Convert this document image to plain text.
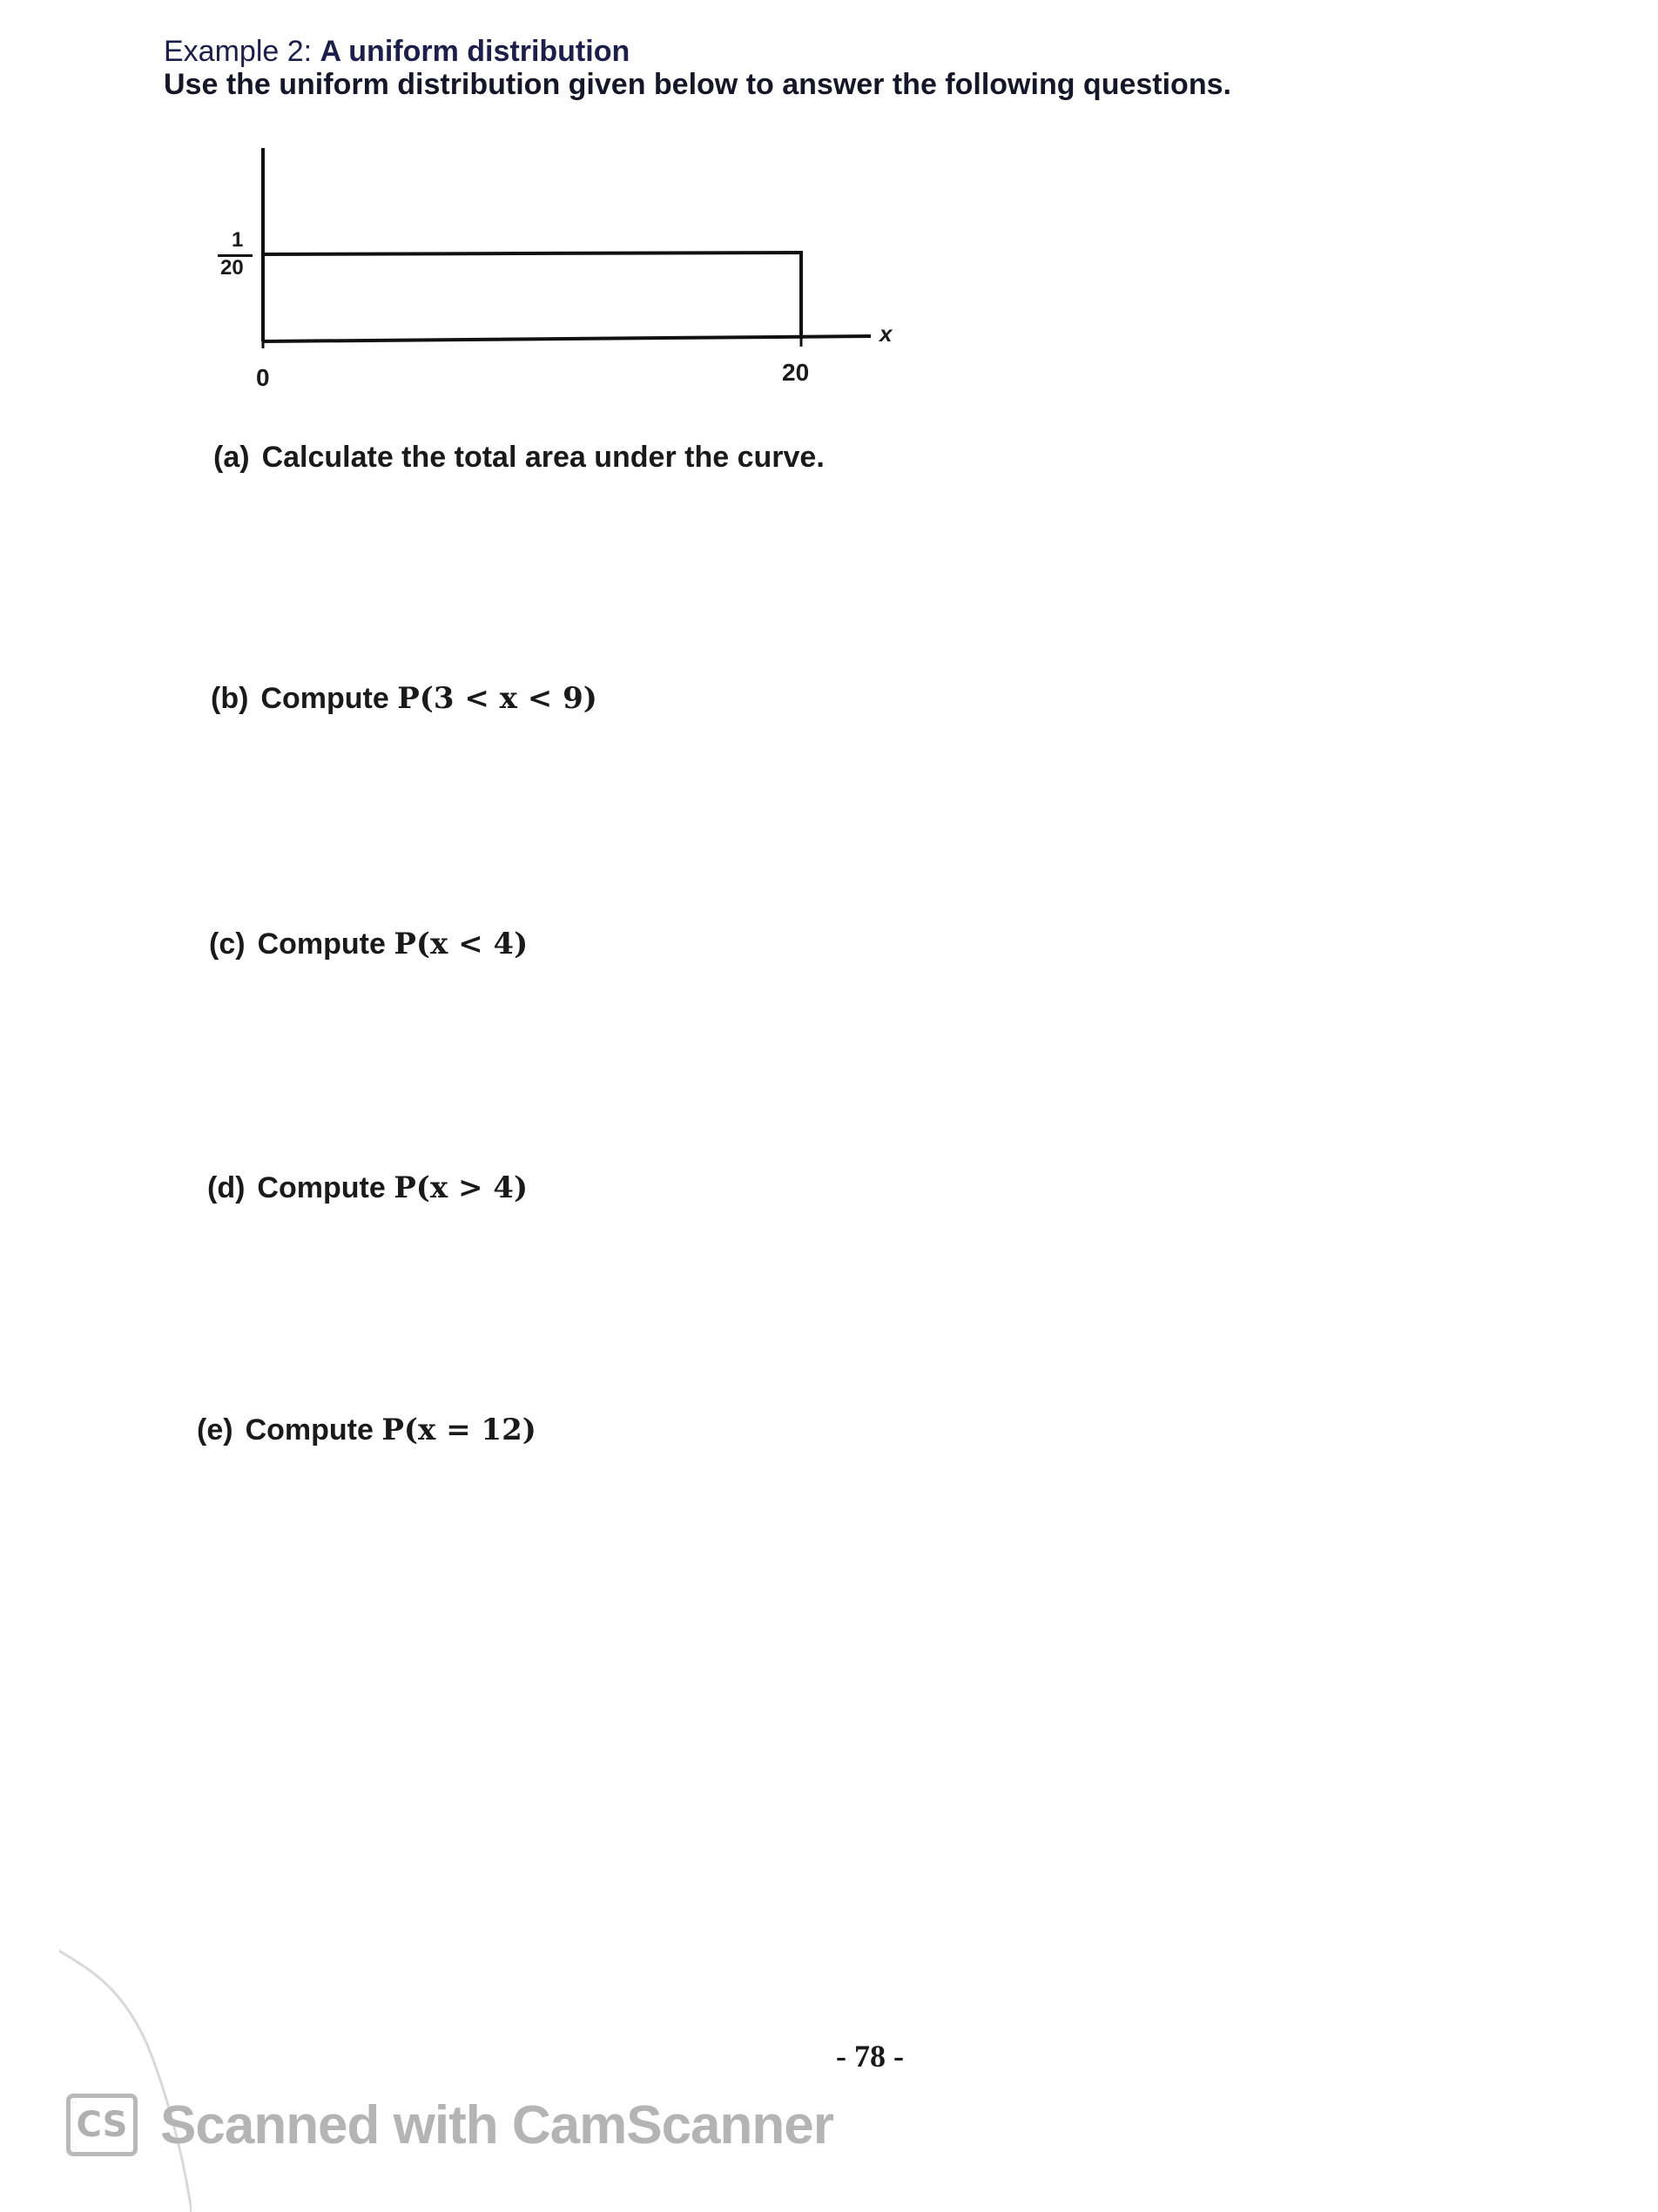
Example 2: A uniform distribution
Use the uniform distribution given below to answer the following questions.
1
20
0	20
x
(a) Calculate the total area under the curve.
(b) Compute P(3 < x < 9)
(c) Compute P(x < 4)
(d) Compute P(x > 4)
(e) Compute P(x = 12)
- 78 -
CS Scanned with CamScanner
